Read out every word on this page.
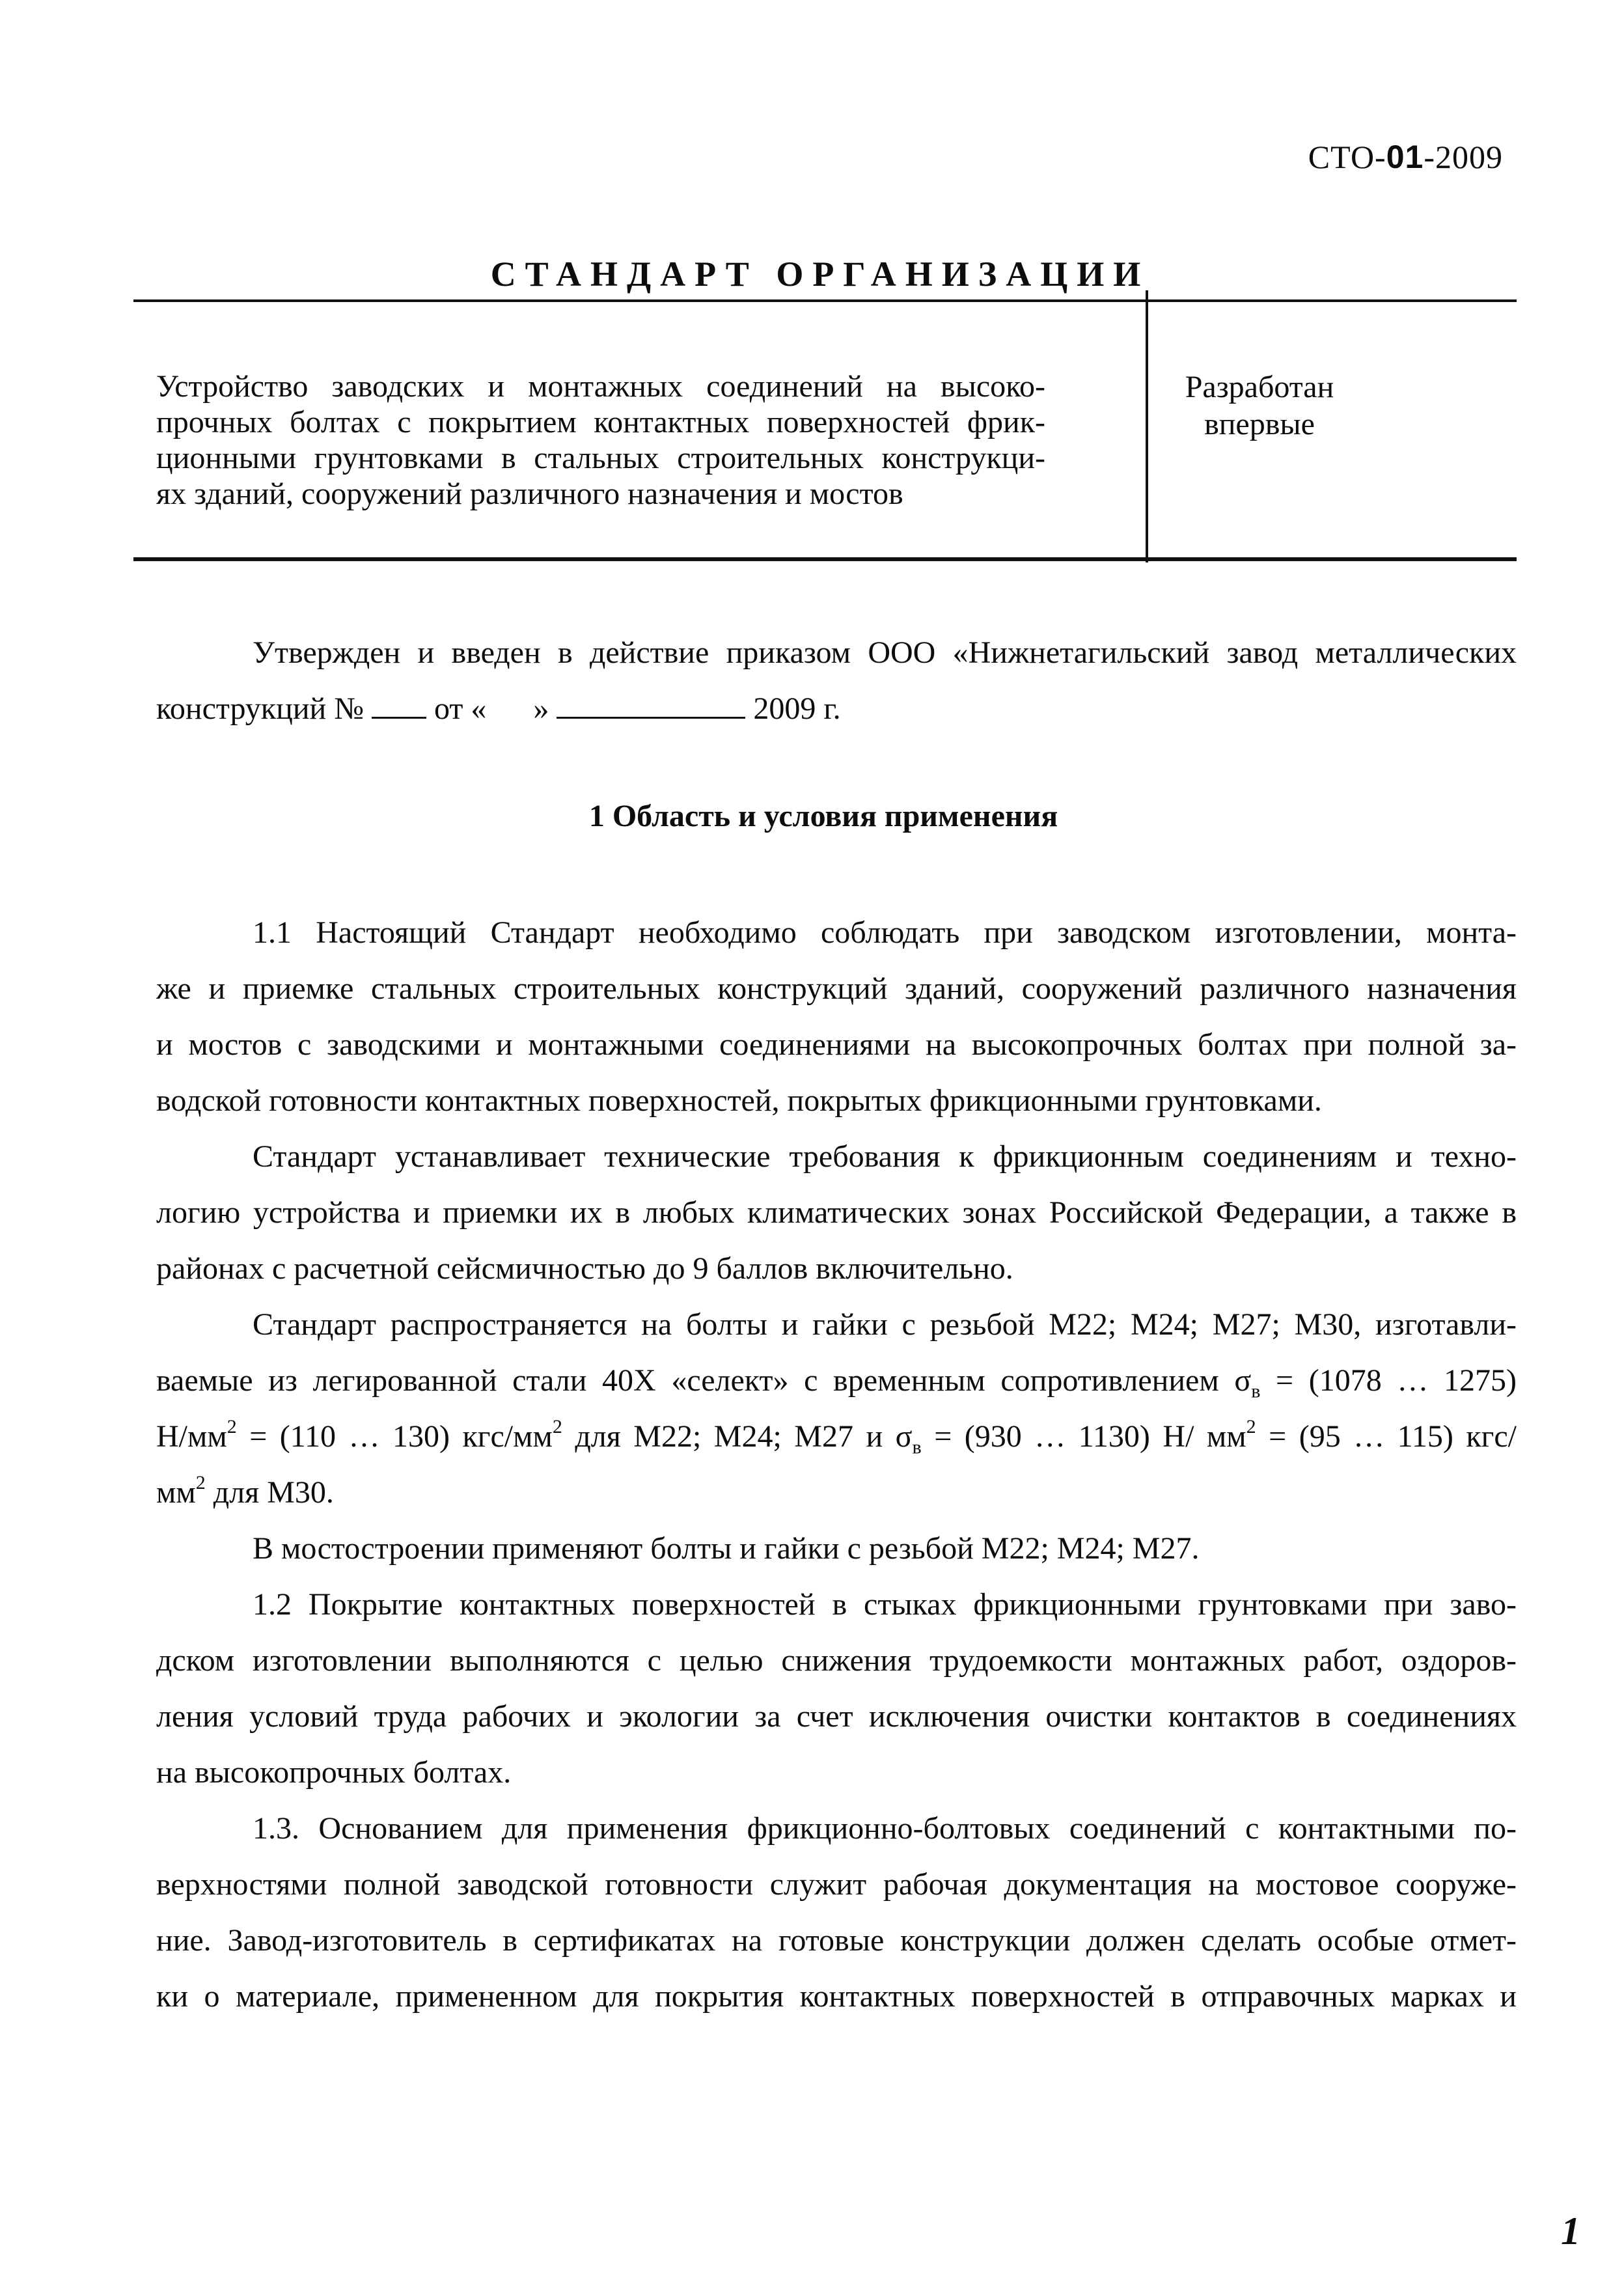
СТО-01-2009
СТАНДАРТ ОРГАНИЗАЦИИ
Устройство заводских и монтажных соединений на высоко-
прочных болтах с покрытием контактных поверхностей фрик-
ционными грунтовками в стальных строительных конструкци-
ях зданий, сооружений различного назначения и мостов
Разработан
впервые
Утвержден и введен в действие приказом ООО «Нижнетагильский завод металлических
конструкций № от « »	2009 г.
1 Область и условия применения
1.1 Настоящий Стандарт необходимо соблюдать при заводском изготовлении, монта-
же и приемке стальных строительных конструкций зданий, сооружений различного назначения
и мостов с заводскими и монтажными соединениями на высокопрочных болтах при полной за-
водской готовности контактных поверхностей, покрытых фрикционными грунтовками.
Стандарт устанавливает технические требования к фрикционным соединениям и техно-
логию устройства и приемки их в любых климатических зонах Российской Федерации, а также в
районах с расчетной сейсмичностью до 9 баллов включительно.
Стандарт распространяется на болты и гайки с резьбой М22; М24; М27; М30, изготавли-
ваемые из легированной стали 40Х «селект» с временным сопротивлением $\sigma_в = (1078$ … 1275)
$Н/мм^2 = (110$ … 130) кгс/$мм^2$ для М22; М24; М27 и $\sigma_в = (930$ … 1130) Н/ $мм^2 = (95$ … 115) кгс/
$мм^2$ для М30.
В мостостроении применяют болты и гайки с резьбой М22; М24; М27.
1.2 Покрытие контактных поверхностей в стыках фрикционными грунтовками при заво-
дском изготовлении выполняются с целью снижения трудоемкости монтажных работ, оздоров-
ления условий труда рабочих и экологии за счет исключения очистки контактов в соединениях
на высокопрочных болтах.
1.3. Основанием для применения фрикционно-болтовых соединений с контактными по-
верхностями полной заводской готовности служит рабочая документация на мостовое сооруже-
ние. Завод-изготовитель в сертификатах на готовые конструкции должен сделать особые отмет-
ки о материале, примененном для покрытия контактных поверхностей в отправочных марках и
1
